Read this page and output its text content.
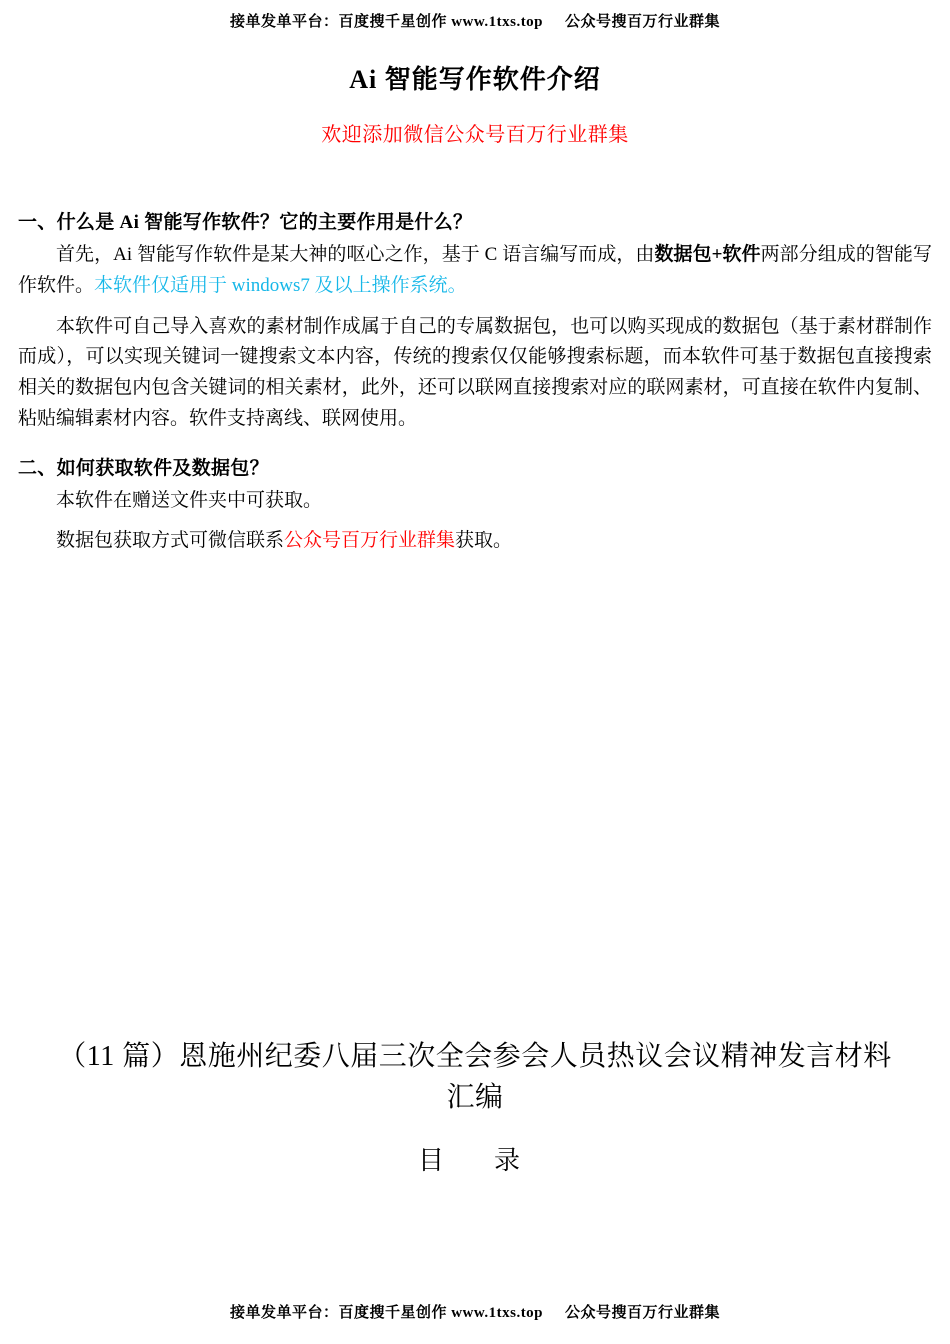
接单发单平台：百度搜千星创作 www.1txs.top 公众号搜百万行业群集
Ai 智能写作软件介绍
欢迎添加微信公众号百万行业群集
一、什么是 Ai 智能写作软件？它的主要作用是什么？

首先，Ai 智能写作软件是某大神的呕心之作，基于 C 语言编写而成，由数据包+软件两部分组成的智能写作软件。本软件仅适用于 windows7 及以上操作系统。

本软件可自己导入喜欢的素材制作成属于自己的专属数据包，也可以购买现成的数据包（基于素材群制作而成），可以实现关键词一键搜索文本内容，传统的搜索仅仅能够搜索标题，而本软件可基于数据包直接搜索相关的数据包内包含关键词的相关素材，此外，还可以联网直接搜索对应的联网素材，可直接在软件内复制、粘贴编辑素材内容。软件支持离线、联网使用。

二、如何获取软件及数据包？

本软件在赠送文件夹中可获取。

数据包获取方式可微信联系公众号百万行业群集获取。

（11 篇）恩施州纪委八届三次全会参会人员热议会议精神发言材料汇编
目　录
接单发单平台：百度搜千星创作 www.1txs.top 公众号搜百万行业群集
